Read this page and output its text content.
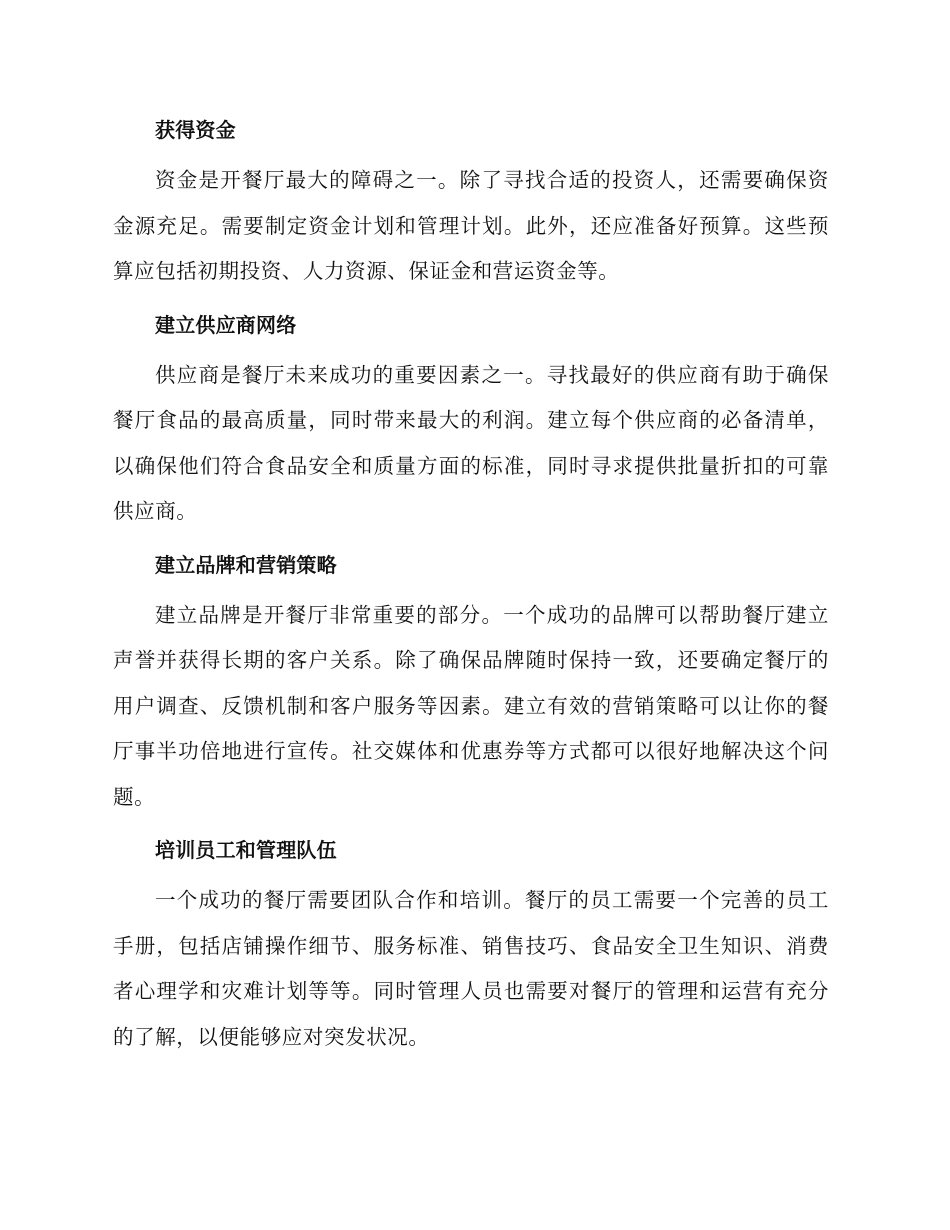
获得资金

资金是开餐厅最大的障碍之一。除了寻找合适的投资人，还需要确保资金源充足。需要制定资金计划和管理计划。此外，还应准备好预算。这些预算应包括初期投资、人力资源、保证金和营运资金等。

建立供应商网络

供应商是餐厅未来成功的重要因素之一。寻找最好的供应商有助于确保餐厅食品的最高质量，同时带来最大的利润。建立每个供应商的必备清单，以确保他们符合食品安全和质量方面的标准，同时寻求提供批量折扣的可靠供应商。

建立品牌和营销策略

建立品牌是开餐厅非常重要的部分。一个成功的品牌可以帮助餐厅建立声誉并获得长期的客户关系。除了确保品牌随时保持一致，还要确定餐厅的用户调查、反馈机制和客户服务等因素。建立有效的营销策略可以让你的餐厅事半功倍地进行宣传。社交媒体和优惠券等方式都可以很好地解决这个问题。

培训员工和管理队伍

一个成功的餐厅需要团队合作和培训。餐厅的员工需要一个完善的员工手册，包括店铺操作细节、服务标准、销售技巧、食品安全卫生知识、消费者心理学和灾难计划等等。同时管理人员也需要对餐厅的管理和运营有充分的了解，以便能够应对突发状况。
